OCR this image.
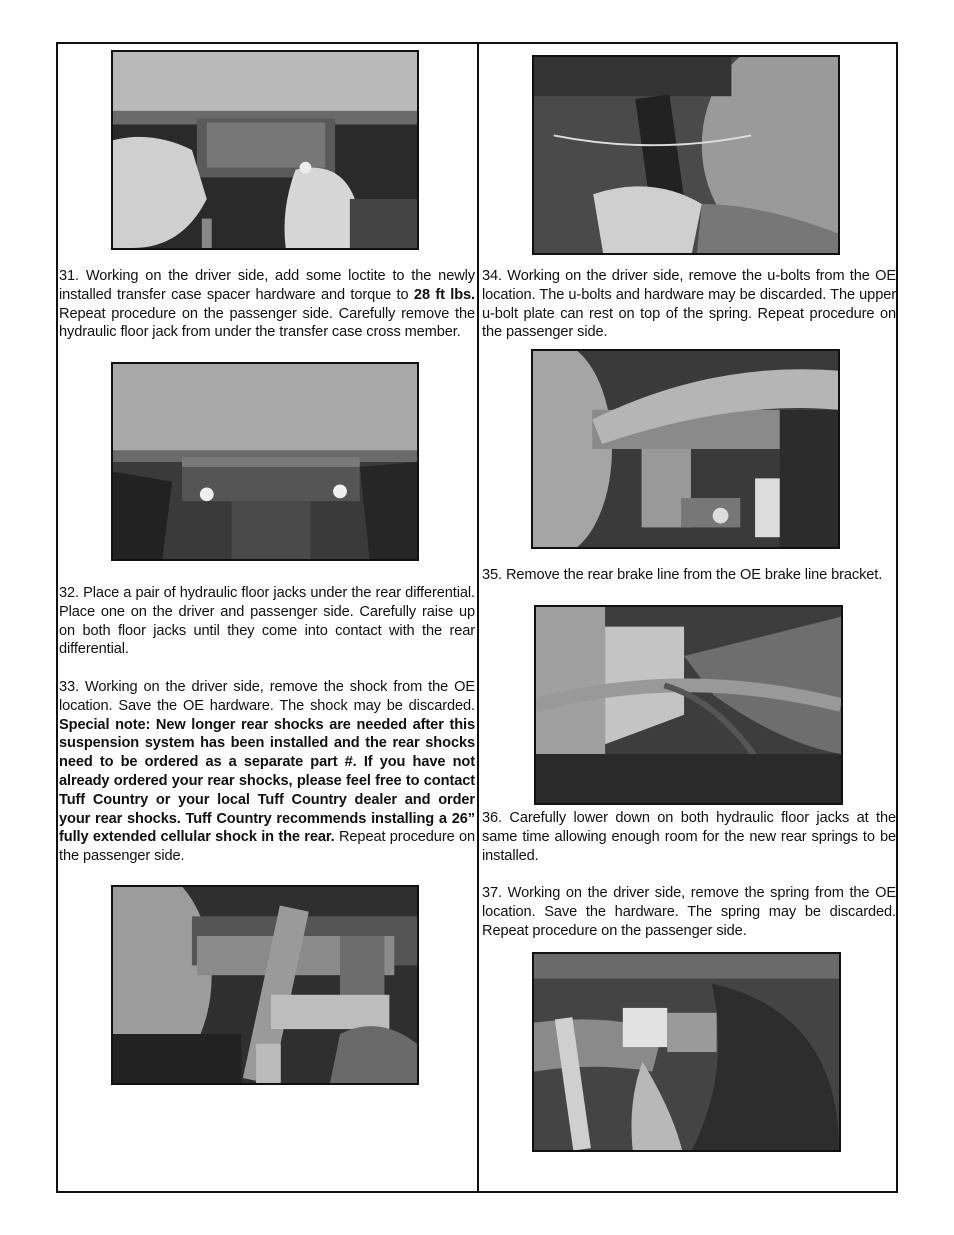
31. Working on the driver side, add some loctite to the newly installed transfer case spacer hardware and torque to 28 ft lbs. Repeat procedure on the passenger side. Carefully remove the hydraulic floor jack from under the transfer case cross member.

32. Place a pair of hydraulic floor jacks under the rear differential. Place one on the driver and passenger side. Carefully raise up on both floor jacks until they come into contact with the rear differential.

33. Working on the driver side, remove the shock from the OE location. Save the OE hardware. The shock may be discarded. Special note: New longer rear shocks are needed after this suspension system has been installed and the rear shocks need to be ordered as a separate part #. If you have not already ordered your rear shocks, please feel free to contact Tuff Country or your local Tuff Country dealer and order your rear shocks. Tuff Country recommends installing a 26” fully extended cellular shock in the rear. Repeat procedure on the passenger side.

34. Working on the driver side, remove the u-bolts from the OE location. The u-bolts and hardware may be discarded. The upper u-bolt plate can rest on top of the spring. Repeat procedure on the passenger side.

35. Remove the rear brake line from the OE brake line bracket.

36. Carefully lower down on both hydraulic floor jacks at the same time allowing enough room for the new rear springs to be installed.

37. Working on the driver side, remove the spring from the OE location. Save the hardware. The spring may be discarded. Repeat procedure on the passenger side.
